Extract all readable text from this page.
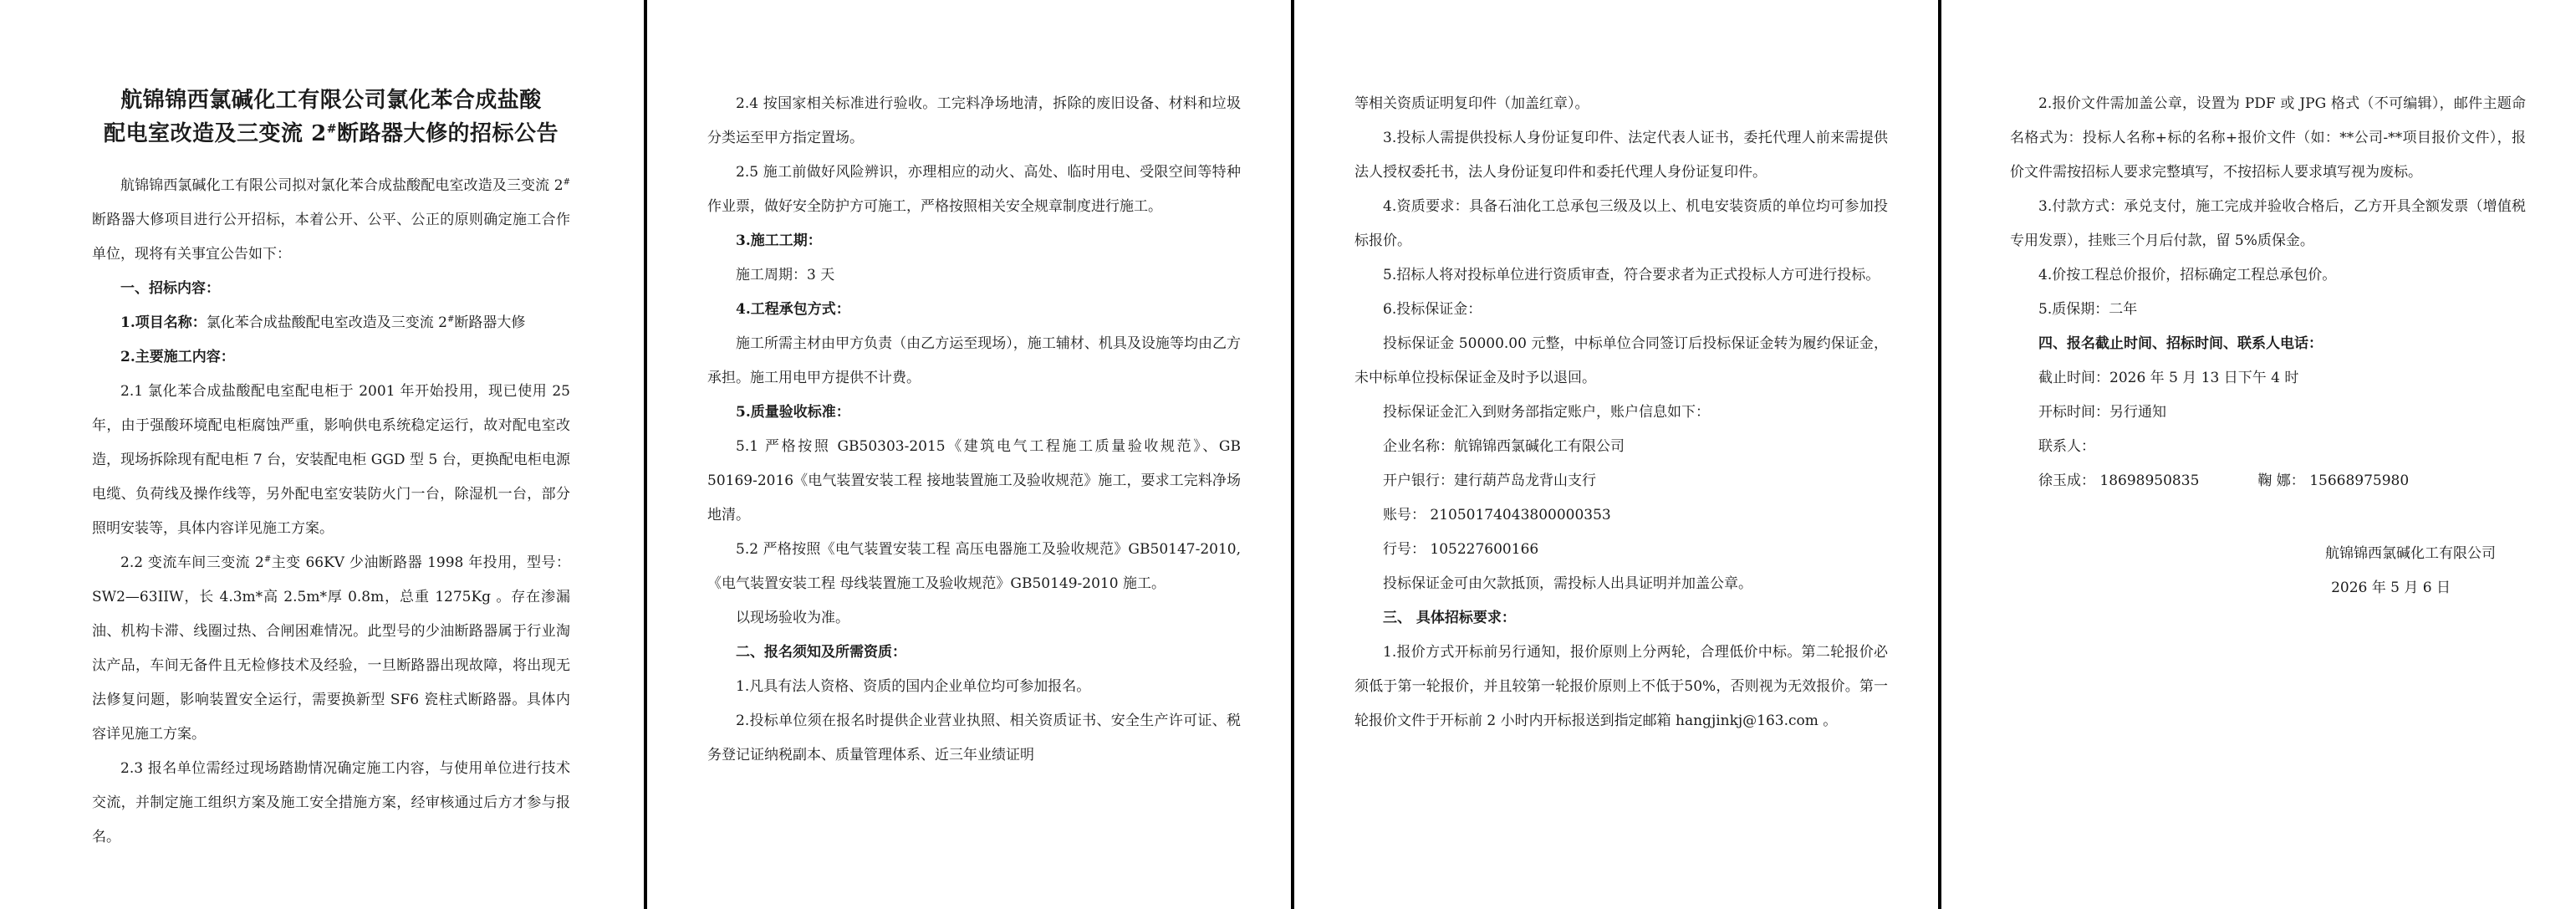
航锦锦西氯碱化工有限公司氯化苯合成盐酸
配电室改造及三变流 2#断路器大修的招标公告

航锦锦西氯碱化工有限公司拟对氯化苯合成盐酸配电室改造及三变流 2#断路器大修项目进行公开招标，本着公开、公平、公正的原则确定施工合作单位，现将有关事宜公告如下：

一、招标内容：

1.项目名称：氯化苯合成盐酸配电室改造及三变流 2#断路器大修

2.主要施工内容：

2.1 氯化苯合成盐酸配电室配电柜于 2001 年开始投用，现已使用 25 年，由于强酸环境配电柜腐蚀严重，影响供电系统稳定运行，故对配电室改造，现场拆除现有配电柜 7 台，安装配电柜 GGD 型 5 台，更换配电柜电源电缆、负荷线及操作线等，另外配电室安装防火门一台，除湿机一台，部分照明安装等，具体内容详见施工方案。

2.2 变流车间三变流 2#主变 66KV 少油断路器 1998 年投用，型号：SW2—63IIW，长 4.3m*高 2.5m*厚 0.8m，总重 1275Kg 。存在渗漏油、机构卡滞、线圈过热、合闸困难情况。此型号的少油断路器属于行业淘汰产品，车间无备件且无检修技术及经验，一旦断路器出现故障，将出现无法修复问题，影响装置安全运行，需要换新型 SF6 瓷柱式断路器。具体内容详见施工方案。

2.3 报名单位需经过现场踏勘情况确定施工内容，与使用单位进行技术交流，并制定施工组织方案及施工安全措施方案，经审核通过后方才参与报名。

2.4 按国家相关标准进行验收。工完料净场地清，拆除的废旧设备、材料和垃圾分类运至甲方指定置场。

2.5 施工前做好风险辨识，亦理相应的动火、高处、临时用电、受限空间等特种作业票，做好安全防护方可施工，严格按照相关安全规章制度进行施工。

3.施工工期：

施工周期：3 天

4.工程承包方式：

施工所需主材由甲方负责（由乙方运至现场），施工辅材、机具及设施等均由乙方承担。施工用电甲方提供不计费。

5.质量验收标准：

5.1 严格按照 GB50303-2015《建筑电气工程施工质量验收规范》、GB 50169-2016《电气装置安装工程 接地装置施工及验收规范》施工，要求工完料净场地清。

5.2 严格按照《电气装置安装工程 高压电器施工及验收规范》GB50147-2010,《电气装置安装工程 母线装置施工及验收规范》GB50149-2010 施工。

以现场验收为准。

二、报名须知及所需资质：

1.凡具有法人资格、资质的国内企业单位均可参加报名。

2.投标单位须在报名时提供企业营业执照、相关资质证书、安全生产许可证、税务登记证纳税副本、质量管理体系、近三年业绩证明

等相关资质证明复印件（加盖红章）。

3.投标人需提供投标人身份证复印件、法定代表人证书，委托代理人前来需提供法人授权委托书，法人身份证复印件和委托代理人身份证复印件。

4.资质要求：具备石油化工总承包三级及以上、机电安装资质的单位均可参加投标报价。

5.招标人将对投标单位进行资质审查，符合要求者为正式投标人方可进行投标。

6.投标保证金：

投标保证金 50000.00 元整，中标单位合同签订后投标保证金转为履约保证金，未中标单位投标保证金及时予以退回。

投标保证金汇入到财务部指定账户，账户信息如下：

企业名称：航锦锦西氯碱化工有限公司

开户银行：建行葫芦岛龙背山支行

账号： 21050174043800000353

行号： 105227600166

投标保证金可由欠款抵顶，需投标人出具证明并加盖公章。

三、 具体招标要求：

1.报价方式开标前另行通知，报价原则上分两轮，合理低价中标。第二轮报价必须低于第一轮报价，并且较第一轮报价原则上不低于50%，否则视为无效报价。第一轮报价文件于开标前 2 小时内开标报送到指定邮箱 hangjinkj@163.com 。

2.报价文件需加盖公章，设置为 PDF 或 JPG 格式（不可编辑），邮件主题命名格式为：投标人名称+标的名称+报价文件（如：**公司-**项目报价文件），报价文件需按招标人要求完整填写，不按招标人要求填写视为废标。

3.付款方式：承兑支付，施工完成并验收合格后，乙方开具全额发票（增值税专用发票），挂账三个月后付款，留 5%质保金。

4.价按工程总价报价，招标确定工程总承包价。

5.质保期：二年

四、报名截止时间、招标时间、联系人电话：

截止时间：2026 年 5 月 13 日下午 4 时

开标时间：另行通知

联系人：

徐玉成： 18698950835	鞠 娜： 15668975980

航锦锦西氯碱化工有限公司

2026 年 5 月 6 日
